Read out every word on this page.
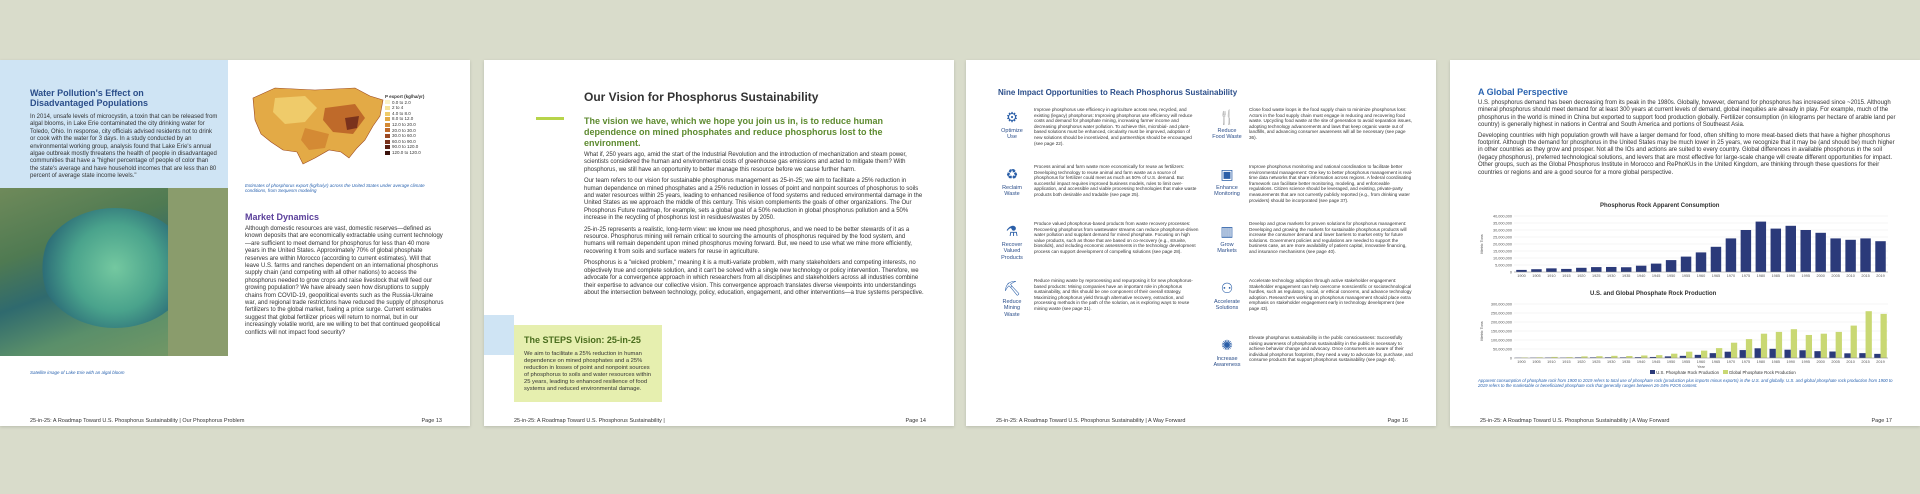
Water Pollution's Effect on Disadvantaged Populations
In 2014, unsafe levels of microcystin, a toxin that can be released from algal blooms, in Lake Erie contaminated the city drinking water for Toledo, Ohio. In response, city officials advised residents not to drink or cook with the water for 3 days. In a study conducted by an environmental working group, analysis found that Lake Erie's annual algae outbreak mostly threatens the health of people in disadvantaged communities that have a "higher percentage of people of color than the state's average and have household incomes that are less than 80 percent of average state income levels."
Satellite image of Lake Erie with an algal bloom
P export (kg/ha/yr)
0.0 to 2.0
2 to 4
4.0 to 8.0
8.0 to 12.0
12.0 to 20.0
20.0 to 30.0
30.0 to 60.0
60.0 to 90.0
90.0 to 120.0
120.0 to 120.0
Estimates of phosphorus export (kg/ha/yr) across the United States under average climate conditions, from Sequesm modeling
Market Dynamics
Although domestic resources are vast, domestic reserves—defined as known deposits that are economically extractable using current technology—are sufficient to meet demand for phosphorus for less than 40 more years in the United States. Approximately 70% of global phosphate reserves are within Morocco (according to current estimates). Will that leave U.S. farms and ranches dependent on an international phosphorus supply chain (and competing with all other nations) to access the phosphorus needed to grow crops and raise livestock that will feed our growing population? We have already seen how disruptions to supply chains from COVID-19, geopolitical events such as the Russia-Ukraine war, and regional trade restrictions have reduced the supply of phosphorus fertilizers to the global market, fueling a price surge. Current estimates suggest that global fertilizer prices will return to normal, but in our increasingly volatile world, are we willing to bet that continued geopolitical conflicts will not impact food security?
25-in-25: A Roadmap Toward U.S. Phosphorus Sustainability | Our Phosphorus Problem	Page 13
Our Vision for Phosphorus Sustainability
The vision we have, which we hope you join us in, is to reduce human dependence on mined phosphates and reduce phosphorus lost to the environment.

What if, 250 years ago, amid the start of the Industrial Revolution and the introduction of mechanization and steam power, scientists considered the human and environmental costs of greenhouse gas emissions and acted to mitigate them? With phosphorus, we still have an opportunity to better manage this resource before we cause further harm.

Our team refers to our vision for sustainable phosphorus management as 25-in-25; we aim to facilitate a 25% reduction in human dependence on mined phosphates and a 25% reduction in losses of point and nonpoint sources of phosphorus to soils and water resources within 25 years, leading to enhanced resilience of food systems and reduced environmental damage in the United States as we approach the middle of this century. This vision complements the goals of other organizations. The Our Phosphorus Future roadmap, for example, sets a global goal of a 50% reduction in global phosphorus pollution and a 50% increase in the recycling of phosphorus lost in residues/wastes by 2050.

25-in-25 represents a realistic, long-term view: we know we need phosphorus, and we need to be better stewards of it as a resource. Phosphorus mining will remain critical to sourcing the amounts of phosphorus required by the food system, and humans will remain dependent upon mined phosphorus moving forward. But, we need to use what we mine more efficiently, recovering it from soils and surface waters for reuse in agriculture.

Phosphorus is a "wicked problem," meaning it is a multi-variate problem, with many stakeholders and competing interests, no objectively true and complete solution, and it can't be solved with a single new technology or policy intervention. Therefore, we advocate for a convergence approach in which researchers from all disciplines and stakeholders across all industries combine their expertise to advance our collective vision. This convergence approach translates diverse viewpoints into understandings about the intersection between technology, policy, education, engagement, and other interventions—a true systems perspective.

The STEPS Vision: 25-in-25
We aim to facilitate a 25% reduction in human dependence on mined phosphates and a 25% reduction in losses of point and nonpoint sources of phosphorus to soils and water resources within 25 years, leading to enhanced resilience of food systems and reduced environmental damage.
25-in-25: A Roadmap Toward U.S. Phosphorus Sustainability |	Page 14
Nine Impact Opportunities to Reach Phosphorus Sustainability
⚙
Optimize Use
Improve phosphorus use efficiency in agriculture across new, recycled, and existing (legacy) phosphorus: Improving phosphorus use efficiency will reduce costs and demand for phosphate mining, increasing farmer income and decreasing phosphorus water pollution. To achieve this, microbial- and plant-based solutions must be enhanced, circularity must be improved, adoption of new solutions should be incentivized, and partnerships should be encouraged (see page 22).
♻
Reclaim Waste
Process animal and farm waste more economically for reuse as fertilizers: Developing technology to reuse animal and farm waste as a source of phosphorus for fertilizer could meet as much as 50% of U.S. demand. But successful impact requires improved business models, rules to limit over-application, and accessible and viable processing technologies that make waste products both desirable and tradable (see page 25).
⚗
Recover Valued Products
Produce valued phosphorus-based products from waste recovery processes: Recovering phosphorus from wastewater streams can reduce phosphorus-driven water pollution and supplant demand for mined phosphate. Focusing on high value products, such as those that are based on co-recovery (e.g., struvite, biosolids), and including economic assessments in the technology development process can support development of compelling solutions (see page 28).
⛏
Reduce Mining Waste
Reduce mining waste by reprocessing and repurposing it for new phosphorus-based products: Mining companies have an important role in phosphorus sustainability, and this should be one component of their overall strategy. Maximizing phosphorus yield through alternative recovery, extraction, and processing methods in the path of the solution, as is exploring ways to reuse mining waste (see page 31).
🍴
Reduce Food Waste
Close food waste loops in the food supply chain to minimize phosphorus loss: Actors in the food supply chain must engage in reducing and recovering food waste. Upcycling food waste at the site of generation to avoid separation issues, adopting technology advancements and laws that keep organic waste out of landfills, and advancing consumer awareness will all be necessary (see page 36).
▣
Enhance Monitoring
Improve phosphorus monitoring and national coordination to facilitate better environmental management: One key to better phosphorus management is real-time data networks that share information across regions. A federal coordinating framework can facilitate better monitoring, modeling, and enforceable regulations. Citizen science should be leveraged, and existing, private-party measurements that are not currently publicly reported (e.g., from drinking water providers) should be incorporated (see page 37).
▥
Grow Markets
Develop and grow markets for proven solutions for phosphorus management: Developing and growing the markets for sustainable phosphorus products will increase the consumer demand and lower barriers to market entry for future solutions. Government policies and regulations are needed to support the business case, as are more availability of patient capital, innovative financing, and insurance mechanisms (see page 40).
⚇
Accelerate Solutions
Accelerate technology adoption through active stakeholder engagement: Stakeholder engagement can help overcome nonscientific or sociotechnological hurdles, such as regulatory, social, or ethical concerns, and advance technology adoption. Researchers working on phosphorus management should place extra emphasis on stakeholder engagement early in technology development (see page 43).
✺
Increase Awareness
Elevate phosphorus sustainability in the public consciousness: Successfully raising awareness of phosphorus sustainability in the public is necessary to achieve behavior change and advocacy. Once consumers are aware of their individual phosphorus footprints, they need a way to advocate for, purchase, and consume products that support phosphorus sustainability (see page 46).
25-in-25: A Roadmap Toward U.S. Phosphorus Sustainability | A Way Forward	Page 16
A Global Perspective

U.S. phosphorus demand has been decreasing from its peak in the 1980s. Globally, however, demand for phosphorus has increased since ~2015. Although mineral phosphorus should meet demand for at least 300 years at current levels of demand, global inequities are already in play. For example, much of the phosphorus in the world is mined in China but exported to support food production globally. Fertilizer consumption (in kilograms per hectare of arable land per country) is generally highest in nations in Central and South America and portions of Southeast Asia.

Developing countries with high population growth will have a larger demand for food, often shifting to more meat-based diets that have a higher phosphorus footprint. Although the demand for phosphorus in the United States may be much lower in 25 years, we recognize that it may be (and should be) much higher in other countries as they grow and prosper. Not all the IOs and actions are suited to every country. Global differences in available phosphorus in the soil (legacy phosphorus), preferred technological solutions, and levers that are most effective for large-scale change will create different opportunities for impact. Other groups, such as the Global Phosphorus Institute in Morocco and RePhoKUs in the United Kingdom, are thinking through these questions for their countries or regions and are a good source for a more global perspective.

Phosphorus Rock Apparent Consumption
40,000,000
35,000,000
30,000,000
25,000,000
20,000,000
15,000,000
10,000,000
5,000,000
0
Metric Tons
1900 1905 1910 1915 1920 1925 1930 1935 1940 1945 1950 1955 1960 1965 1970 1975 1980 1985 1990 1995 2000 2005 2010 2015 2019
U.S. and Global Phosphate Rock Production
300,000,000
250,000,000
200,000,000
150,000,000
100,000,000
50,000,000
0
Metric Tons
1900 1905 1910 1915 1920 1925 1930 1935 1940 1945 1950 1955 1960 1965 1970 1975 1980 1985 1990 1995 2000 2005 2010 2015 2019
Year
U.S. Phosphate Rock Production Global Phosphate Rock Production
Apparent consumption of phosphate rock from 1900 to 2019 refers to total use of phosphate rock (production plus imports minus exports) in the U.S. and globally. U.S. and global phosphate rock production from 1900 to 2019 refers to the marketable or beneficiated phosphate rock that generally ranges between 26-34% P2O5 content.
25-in-25: A Roadmap Toward U.S. Phosphorus Sustainability | A Way Forward	Page 17
